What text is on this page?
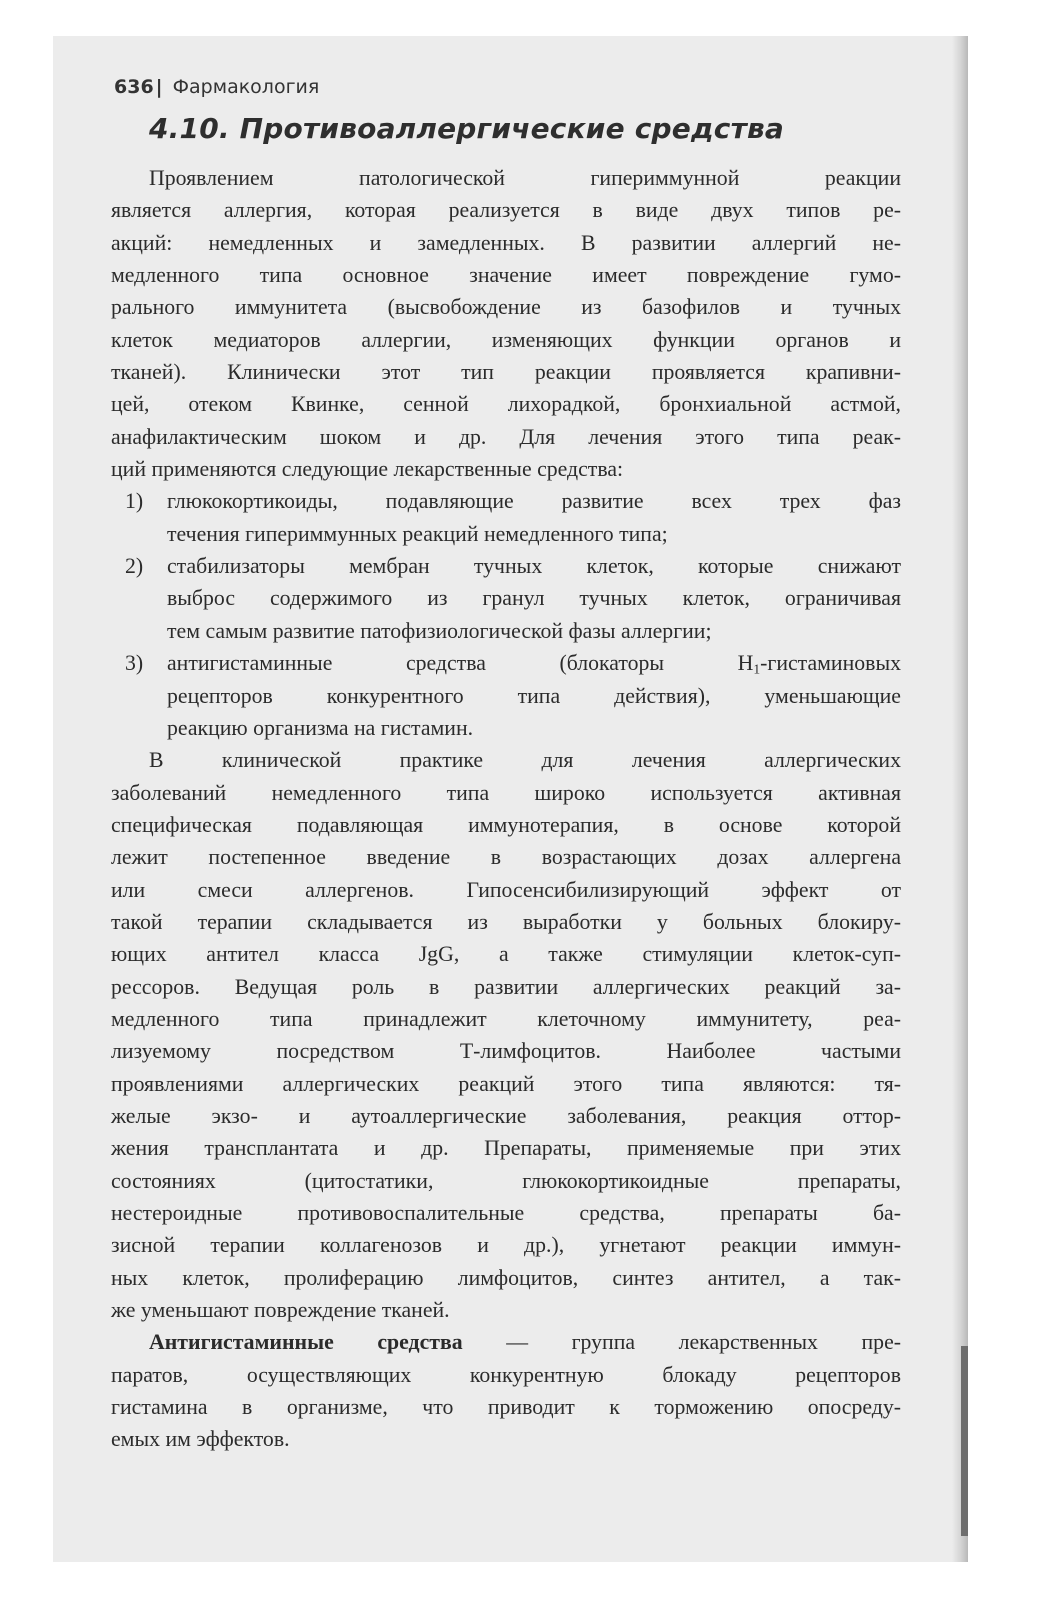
636 | Фармакология
4.10. Противоаллергические средства
Проявлением патологической гипериммунной реакции
является аллергия, которая реализуется в виде двух типов ре-
акций: немедленных и замедленных. В развитии аллергий не-
медленного типа основное значение имеет повреждение гумо-
рального иммунитета (высвобождение из базофилов и тучных
клеток медиаторов аллергии, изменяющих функции органов и
тканей). Клинически этот тип реакции проявляется крапивни-
цей, отеком Квинке, сенной лихорадкой, бронхиальной астмой,
анафилактическим шоком и др. Для лечения этого типа реак-
ций применяются следующие лекарственные средства:
1) глюкокортикоиды, подавляющие развитие всех трех фаз
течения гипериммунных реакций немедленного типа;
2) стабилизаторы мембран тучных клеток, которые снижают
выброс содержимого из гранул тучных клеток, ограничивая
тем самым развитие патофизиологической фазы аллергии;
3) антигистаминные средства (блокаторы $Н_1$-гистаминовых
рецепторов конкурентного типа действия), уменьшающие
реакцию организма на гистамин.
В клинической практике для лечения аллергических
заболеваний немедленного типа широко используется активная
специфическая подавляющая иммунотерапия, в основе которой
лежит постепенное введение в возрастающих дозах аллергена
или смеси аллергенов. Гипосенсибилизирующий эффект от
такой терапии складывается из выработки у больных блокиру-
ющих антител класса JgG, а также стимуляции клеток-суп-
рессоров. Ведущая роль в развитии аллергических реакций за-
медленного типа принадлежит клеточному иммунитету, реа-
лизуемому посредством Т-лимфоцитов. Наиболее частыми
проявлениями аллергических реакций этого типа являются: тя-
желые экзо- и аутоаллергические заболевания, реакция оттор-
жения трансплантата и др. Препараты, применяемые при этих
состояниях (цитостатики, глюкокортикоидные препараты,
нестероидные противовоспалительные средства, препараты ба-
зисной терапии коллагенозов и др.), угнетают реакции иммун-
ных клеток, пролиферацию лимфоцитов, синтез антител, а так-
же уменьшают повреждение тканей.
Антигистаминные средства — группа лекарственных пре-
паратов, осуществляющих конкурентную блокаду рецепторов
гистамина в организме, что приводит к торможению опосреду-
емых им эффектов.
